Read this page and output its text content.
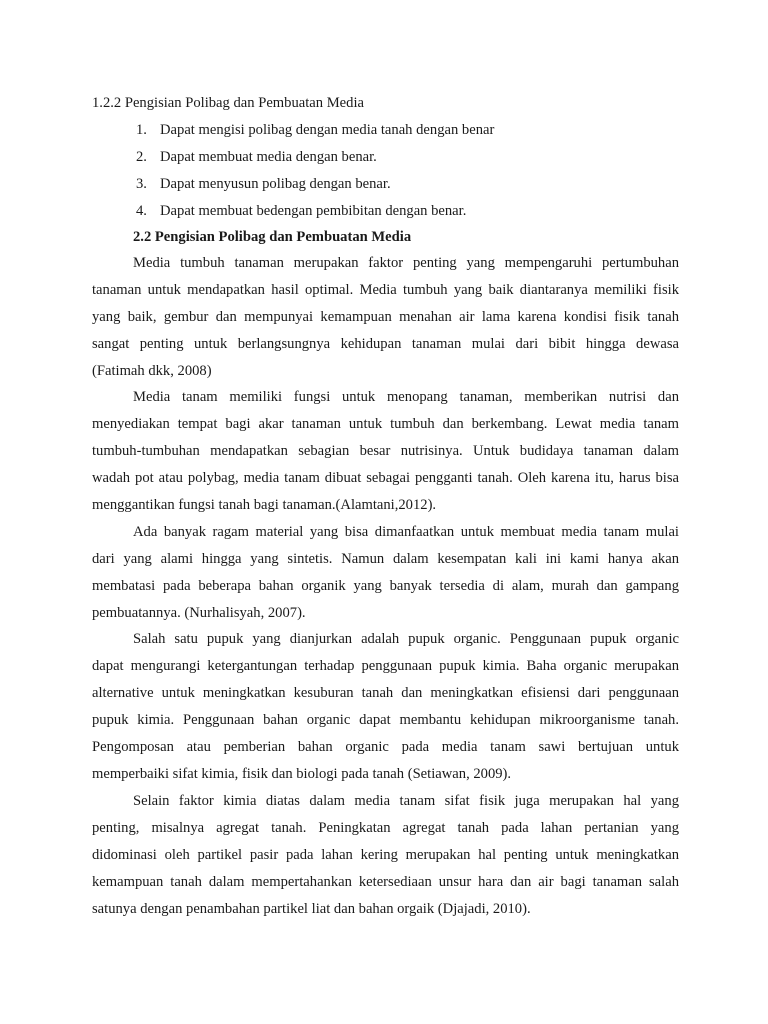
1.2.2 Pengisian Polibag dan Pembuatan Media

1. Dapat mengisi polibag dengan media tanah dengan benar

2. Dapat membuat media dengan benar.

3. Dapat menyusun polibag dengan benar.

4. Dapat membuat bedengan pembibitan dengan benar.

2.2 Pengisian Polibag dan Pembuatan Media

Media tumbuh tanaman merupakan faktor penting yang mempengaruhi pertumbuhan

tanaman untuk mendapatkan hasil optimal. Media tumbuh yang baik diantaranya memiliki fisik

yang baik, gembur dan mempunyai kemampuan menahan air lama karena kondisi fisik tanah

sangat penting untuk berlangsungnya kehidupan tanaman mulai dari bibit hingga dewasa

(Fatimah dkk, 2008)

Media tanam memiliki fungsi untuk menopang tanaman, memberikan nutrisi dan

menyediakan tempat bagi akar tanaman untuk tumbuh dan berkembang. Lewat media tanam

tumbuh-tumbuhan mendapatkan sebagian besar nutrisinya. Untuk budidaya tanaman dalam

wadah pot atau polybag, media tanam dibuat sebagai pengganti tanah. Oleh karena itu, harus bisa

menggantikan fungsi tanah bagi tanaman.(Alamtani,2012).

Ada banyak ragam material yang bisa dimanfaatkan untuk membuat media tanam mulai

dari yang alami hingga yang sintetis. Namun dalam kesempatan kali ini kami hanya akan

membatasi pada beberapa bahan organik yang banyak tersedia di alam, murah dan gampang

pembuatannya. (Nurhalisyah, 2007).

Salah satu pupuk yang dianjurkan adalah pupuk organic. Penggunaan pupuk organic

dapat mengurangi ketergantungan terhadap penggunaan pupuk kimia. Baha organic merupakan

alternative untuk meningkatkan kesuburan tanah dan meningkatkan efisiensi dari penggunaan

pupuk kimia. Penggunaan bahan organic dapat membantu kehidupan mikroorganisme tanah.

Pengomposan atau pemberian bahan organic pada media tanam sawi bertujuan untuk

memperbaiki sifat kimia, fisik dan biologi pada tanah (Setiawan, 2009).

Selain faktor kimia diatas dalam media tanam sifat fisik juga merupakan hal yang

penting, misalnya agregat tanah. Peningkatan agregat tanah pada lahan pertanian yang

didominasi oleh partikel pasir pada lahan kering merupakan hal penting untuk meningkatkan

kemampuan tanah dalam mempertahankan ketersediaan unsur hara dan air bagi tanaman salah

satunya dengan penambahan partikel liat dan bahan orgaik (Djajadi, 2010).
